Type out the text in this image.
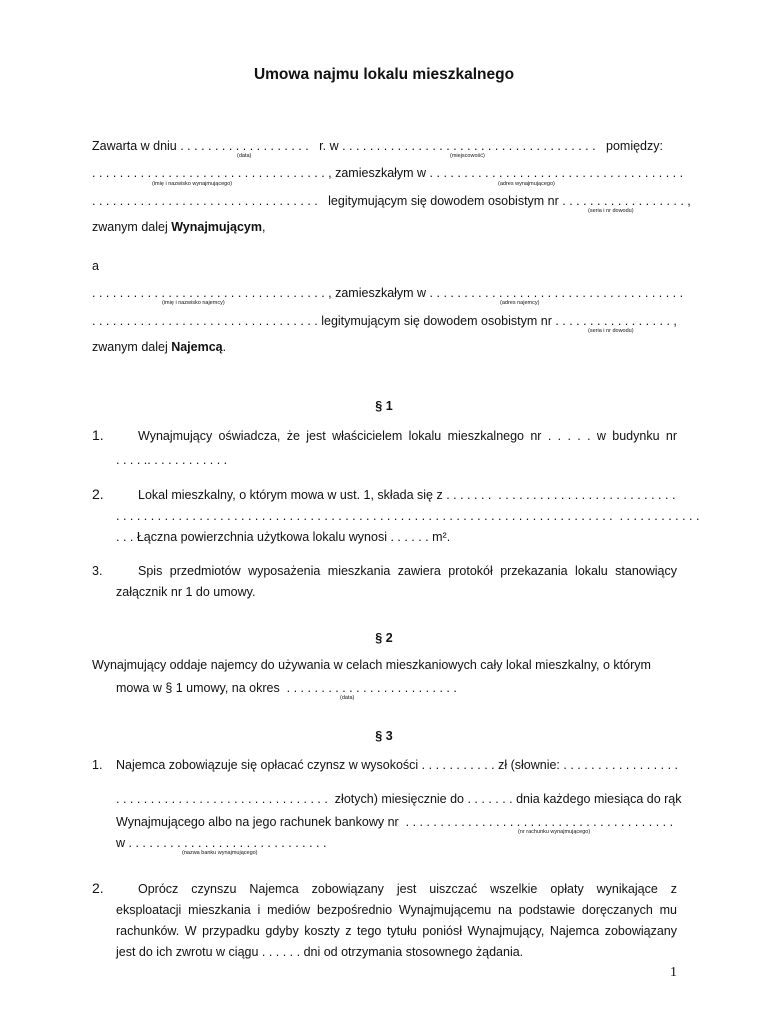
Umowa najmu lokalu mieszkalnego
Zawarta w dniu . . . . . . . . . . . . . . . . . . .   r. w . . . . . . . . . . . . . . . . . . . . . . . . . . . . . . . . . . . . .   pomiędzy:
(data)	(miejscowość)
. . . . . . . . . . . . . . . . . . . . . . . . . . . . . . . . . . , zamieszkałym w . . . . . . . . . . . . . . . . . . . . . . . . . . . . . . . . . . . . .
(imię i nazwisko wynajmującego)	(adres wynajmującego)
. . . . . . . . . . . . . . . . . . . . . . . . . . . . . . . . .   legitymującym się dowodem osobistym nr . . . . . . . . . . . . . . . . . . ,
(seria i nr dowodu)
zwanym dalej Wynajmującym,
a
. . . . . . . . . . . . . . . . . . . . . . . . . . . . . . . . . . , zamieszkałym w . . . . . . . . . . . . . . . . . . . . . . . . . . . . . . . . . . . . .
(imię i nazwisko najemcy)	(adres najemcy)
. . . . . . . . . . . . . . . . . . . . . . . . . . . . . . . . . legitymującym się dowodem osobistym nr . . . . . . . . . . . . . . . . . ,
(seria i nr dowodu)
zwanym dalej Najemcą.
§ 1
1.	Wynajmujący oświadcza, że jest właścicielem lokalu mieszkalnego nr . . . . . w budynku nr
. . . . .. . . . . . . . . . . .
2.	Lokal mieszkalny, o którym mowa w ust. 1, składa się z . . . . . . .  . . . . . . . . . . . . . . . . . . . . . . . . . .
. . . . . . . . . . . . . . . . . . . . . . . . . . . . . . . . . . . . . . . . . . . . . . . . . . . . . . . . . . . . . . . . . . . . . . . .  . . . . . . . . . . . .
. . . Łączna powierzchnia użytkowa lokalu wynosi . . . . . . m².
3.	Spis przedmiotów wyposażenia mieszkania zawiera protokół przekazania lokalu stanowiący
załącznik nr 1 do umowy.
§ 2
Wynajmujący oddaje najemcy do używania w celach mieszkaniowych cały lokal mieszkalny, o którym
mowa w § 1 umowy, na okres  . . . . . . . . . . . . . . . . . . . . . . . . .
(data)
§ 3
1. Najemca zobowiązuje się opłacać czynsz w wysokości . . . . . . . . . . . zł (słownie: . . . . . . . . . . . . . . . . .
. . . . . . . . . . . . . . . . . . . . . . . . . . . . . . .  złotych) miesięcznie do . . . . . . . dnia każdego miesiąca do rąk
Wynajmującego albo na jego rachunek bankowy nr  . . . . . . . . . . . . . . . . . . . . . . . . . . . . . . . . . . . . . . .
(nr rachunku wynajmującego)
w . . . . . . . . . . . . . . . . . . . . . . . . . . . . .
(nazwa banku wynajmującego)
2.	Oprócz czynszu Najemca zobowiązany jest uiszczać wszelkie opłaty wynikające z
eksploatacji mieszkania i mediów bezpośrednio Wynajmującemu na podstawie doręczanych mu
rachunków. W przypadku gdyby koszty z tego tytułu poniósł Wynajmujący, Najemca zobowiązany
jest do ich zwrotu w ciągu . . . . . . dni od otrzymania stosownego żądania.
1
